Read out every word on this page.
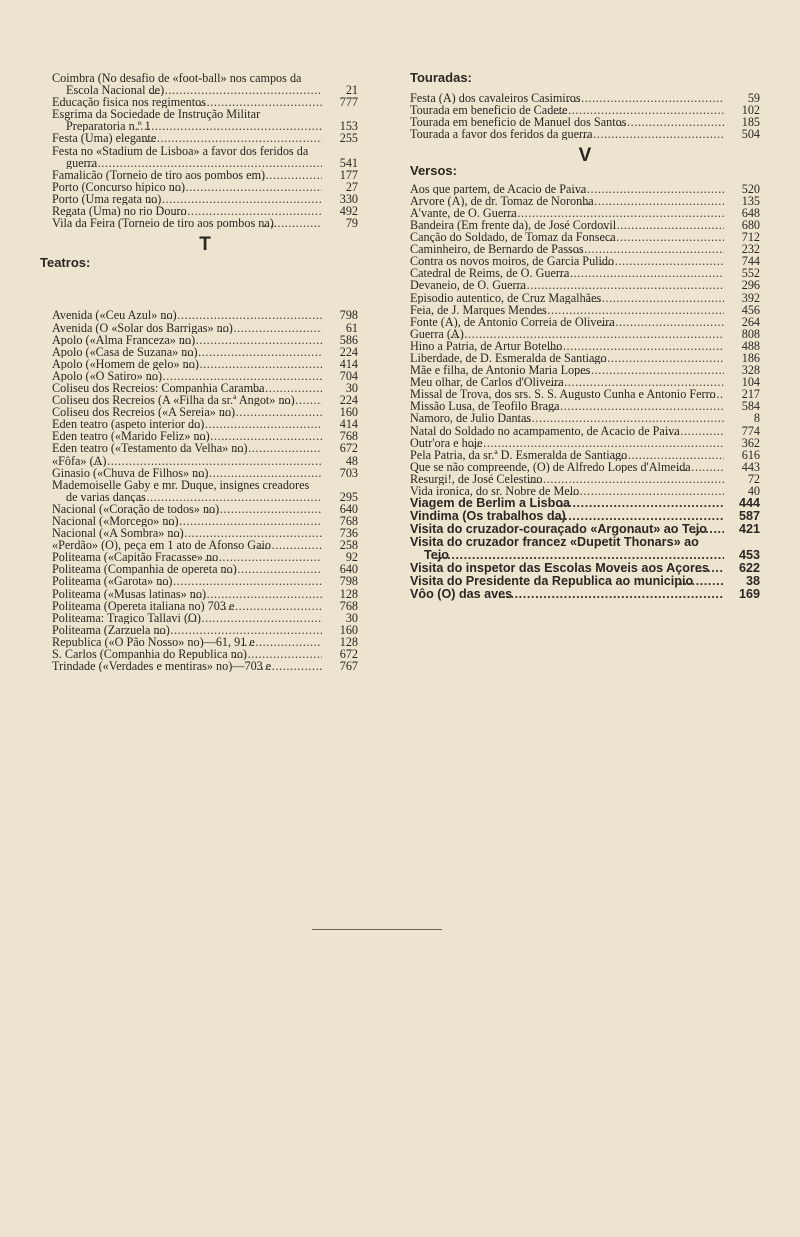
Coimbra (No desafio de «foot-ball» nos campos da Escola Nacional de) .....	21
Educação fisica nos regimentos .....	777
Esgrima da Sociedade de Instrução Militar Preparatoria n.º 1 .....	153
Festa (Uma) elegante .....	255
Festa no «Stadium de Lisboa» a favor dos feridos da guerra .....	541
Famalicão (Torneio de tiro aos pombos em) .....	177
Porto (Concurso hipico no) .....	27
Porto (Uma regata no) .....	330
Regata (Uma) no rio Douro .....	492
Vila da Feira (Torneio de tiro aos pombos na). .....	79
T
Teatros:
Avenida («Ceu Azul» no) .....	798
Avenida (O «Solar dos Barrigas» no) .....	61
Apolo («Alma Franceza» no) .....	586
Apolo («Casa de Suzana» no) .....	224
Apolo («Homem de gelo» no) .....	414
Apolo («O Satiro» no) .....	704
Coliseu dos Recreios: Companhia Caramba .....	30
Coliseu dos Recreios (A «Filha da sr.ª Angot» no) .....	224
Coliseu dos Recreios («A Sereia» no) .....	160
Eden teatro (aspeto interior do) .....	414
Eden teatro («Marido Feliz» no) .....	768
Eden teatro («Testamento da Velha» no) .....	672
«Fôfa» (A) .....	48
Ginasio («Chuva de Filhos» no) .....	703
Mademoiselle Gaby e mr. Duque, insignes creadores de varias danças .....	295
Nacional («Coração de todos» no) .....	640
Nacional («Morcego» no) .....	768
Nacional («A Sombra» no) .....	736
«Perdão» (O), peça em 1 ato de Afonso Gaio .....	258
Politeama («Capitão Fracasse» no .....	92
Politeama (Companhia de opereta no) .....	640
Politeama («Garota» no) .....	798
Politeama («Musas latinas» no) .....	128
Politeama (Opereta italiana no) 703 e .....	768
Politeama: Tragico Tallavi (O) .....	30
Politeama (Zarzuela no) .....	160
Republica («O Pão Nosso» no)—61, 91 e .....	128
S. Carlos (Companhia do Republica no) .....	672
Trindade («Verdades e mentiras» no)—703 e .....	767
Touradas:
Festa (A) dos cavaleiros Casimiros .....	59
Tourada em beneficio de Cadete .....	102
Tourada em beneficio de Manuel dos Santos .....	185
Tourada a favor dos feridos da guerra .....	504
V
Versos:
Aos que partem, de Acacio de Paiva .....	520
Arvore (A), de dr. Tomaz de Noronha .....	135
A'vante, de O. Guerra .....	648
Bandeira (Em frente da), de José Cordovil .....	680
Canção do Soldado, de Tomaz da Fonseca .....	712
Caminheiro, de Bernardo de Passos .....	232
Contra os novos moiros, de Garcia Pulido .....	744
Catedral de Reims, de O. Guerra .....	552
Devaneio, de O. Guerra .....	296
Episodio autentico, de Cruz Magalhães .....	392
Feia, de J. Marques Mendes .....	456
Fonte (A), de Antonio Correia de Oliveira .....	264
Guerra (A) .....	808
Hino a Patria, de Artur Botelho .....	488
Liberdade, de D. Esmeralda de Santiago .....	186
Mãe e filha, de Antonio Maria Lopes .....	328
Meu olhar, de Carlos d'Oliveira .....	104
Missal de Trova, dos srs. S. S. Augusto Cunha e Antonio Ferro .....	217
Missão Lusa, de Teofilo Braga .....	584
Namoro, de Julio Dantas .....	8
Natal do Soldado no acampamento, de Acacio de Paiva .....	774
Outr'ora e hoje .....	362
Pela Patria, da sr.ª D. Esmeralda de Santiago .....	616
Que se não compreende, (O) de Alfredo Lopes d'Almeida .....	443
Resurgi!, de José Celestino .....	72
Vida ironica, do sr. Nobre de Melo .....	40
Viagem de Berlim a Lisboa .....	444
Vindima (Os trabalhos da) .....	587
Visita do cruzador-couraçado «Argonaut» ao Tejo .....	421
Visita do cruzador francez «Dupetit Thonars» ao Tejo .....	453
Visita do inspetor das Escolas Moveis aos Açores .....	622
Visita do Presidente da Republica ao municipio .....	38
Vôo (O) das aves .....	169
